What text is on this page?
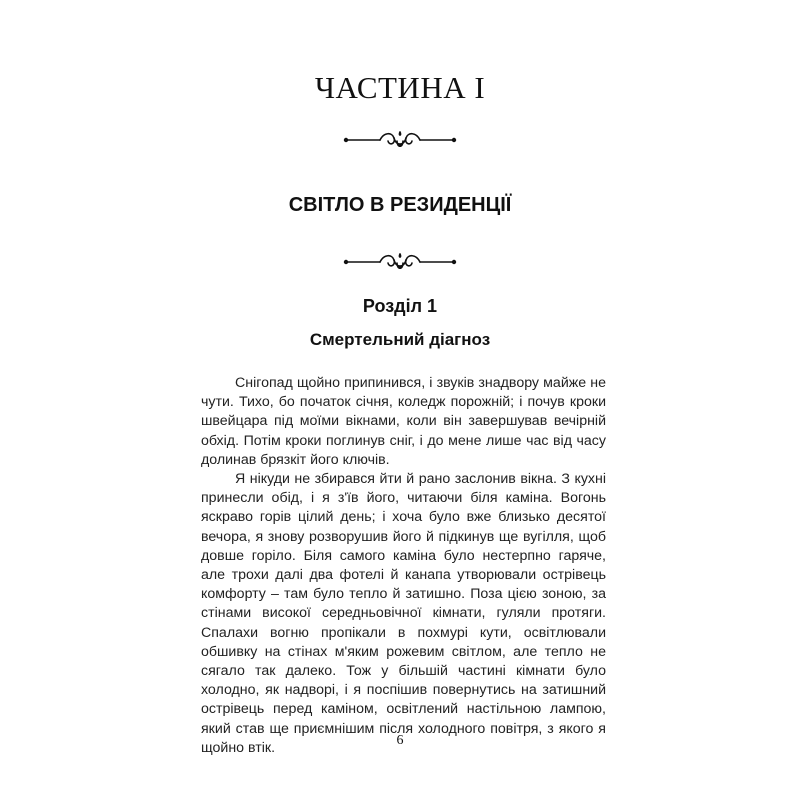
ЧАСТИНА І
СВІТЛО В РЕЗИДЕНЦІЇ
Розділ 1
Смертельний діагноз

Снігопад щойно припинився, і звуків знадвору майже не чути. Тихо, бо початок січня, коледж порожній; і почув кроки швейцара під моїми вікнами, коли він завершував вечірній обхід. Потім кроки поглинув сніг, і до мене лише час від часу долинав брязкіт його ключів.

Я нікуди не збирався йти й рано заслонив вікна. З кухні принесли обід, і я з'їв його, читаючи біля каміна. Вогонь яскраво горів цілий день; і хоча було вже близько десятої вечора, я знову розворушив його й підкинув ще вугілля, щоб довше горіло. Біля самого каміна було нестерпно гаряче, але трохи далі два фотелі й канапа утворювали острівець комфорту – там було тепло й затишно. Поза цією зоною, за стінами високої середньовічної кімнати, гуляли протяги. Спалахи вогню пропікали в похмурі кути, освітлювали обшивку на стінах м'яким рожевим світлом, але тепло не сягало так далеко. Тож у більшій частині кімнати було холодно, як надворі, і я поспішив повернутись на затишний острівець перед каміном, освітлений настільною лампою, який став ще приємнішим після холодного повітря, з якого я щойно втік.	6
